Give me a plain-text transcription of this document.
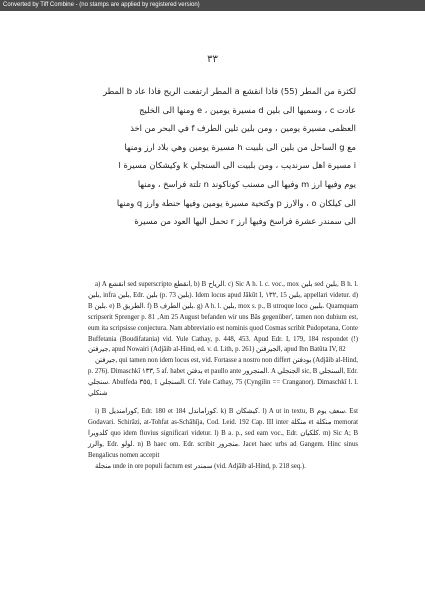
Converted by Tiff Combine - (no stamps are applied by registered version)
٣٣
لكثرة من المطر (55) فاذا انقشع a المطر ارتفعت الريح فاذا عاد b المطر
عادت c ، وسميها الى بلين d مسيرة يومين ، e ومنها الى الخليج
العظمى مسيرة يومين ، ومن بلين تلين الطرف f في البحر من اخذ
مع g الساحل من بلين الى بلبيت h مسيرة يومين وهي بلاد ارز ومنها
i مسيرة اهل سرنديب ، ومن بلبيت الى السنجلي k وكيشكان مسيرة l
يوم وفيها ارز m وفيها الى مسنب كوناكوند n تلتة فراسخ ، ومنها
الى كيلكان o ، والارز p وكتحية مسيرة يومين وفيها حنطة وارز q ومنها
الى سمندر عشرة فراسخ وفيها ارز r تحمل اليها العود من مسيرة

a) A انقشع sed superscripto انقطع, b) B الرياح. c) Sic A h. l. c. voc., mox بلين sed بلين, B h. l. بلين, infra بلين, Edr. بلين (p. 73 بلين). Idem locus apud Jâkût I, ١٣٢, 15 بلين, appellari videtur. d) B بلين. e) B الطريق. f) B بلين الطرف. g) A h. l. بلين, mox s. p., B utroque loco بلبين. Quamquam scripserit Sprenger p. 81 ‚Am 25 August befanden wir uns Bâs gegenüber', tamen non dubium est, eum ita scripsisse conjectura. Nam abbreviatio est nominis quod Cosmas scribit Pudopetana, Conte Buffetania (Boudifatania) vid. Yule Cathay, p. 448, 453. Apud Edr. I, 179, 184 respondet (!) جيرفتن, apud Nowairi (Adjâib al-Hind, ed. v. d. Lith, p. 261) الجيرفتن, apud Ibn Batûta IV, 82

جيرفتن, qui tamen non idem locus est, vid. Fortasse a nostro non differt بودفتن (Adjâib al-Hind, p. 276). Dimaschkî ١٣٣, 5 af. habet بدفتن et paullo ante المنجرور. A الجنجلي sic, B السنجلي, Edr. سنجلي. Abulfeda ٣٥٥, 1 السنجلي. Cf. Yule Cathay, 75 (Cyngilin == Cranganor). Dimaschkî l. l. شنكلي

i) B كورامنديل, Edr. 180 et 184 كوراماندل. k) B كيشكان. l) A ut in textu, B سعف يوم. Est Godavari. Schirâzi, at-Tohfat as-Schâhîja, Cod. Leid. 192 Cap. III inter منكلة et منكلة memorat كلدويرا quo idem fluvius significari videtur. l) B a. p., sed eam voc., Edr. كلكيان. m) Sic A; B والرز, Edr. لولو. n) B haec om. Edr. scribit منجرور. Jacet haec urbs ad Gangem. Hinc sinus Bengalicus nomen accepit

منجلة unde in ore populi factum est سمندر (vid. Adjâib al-Hind, p. 218 seq.).
